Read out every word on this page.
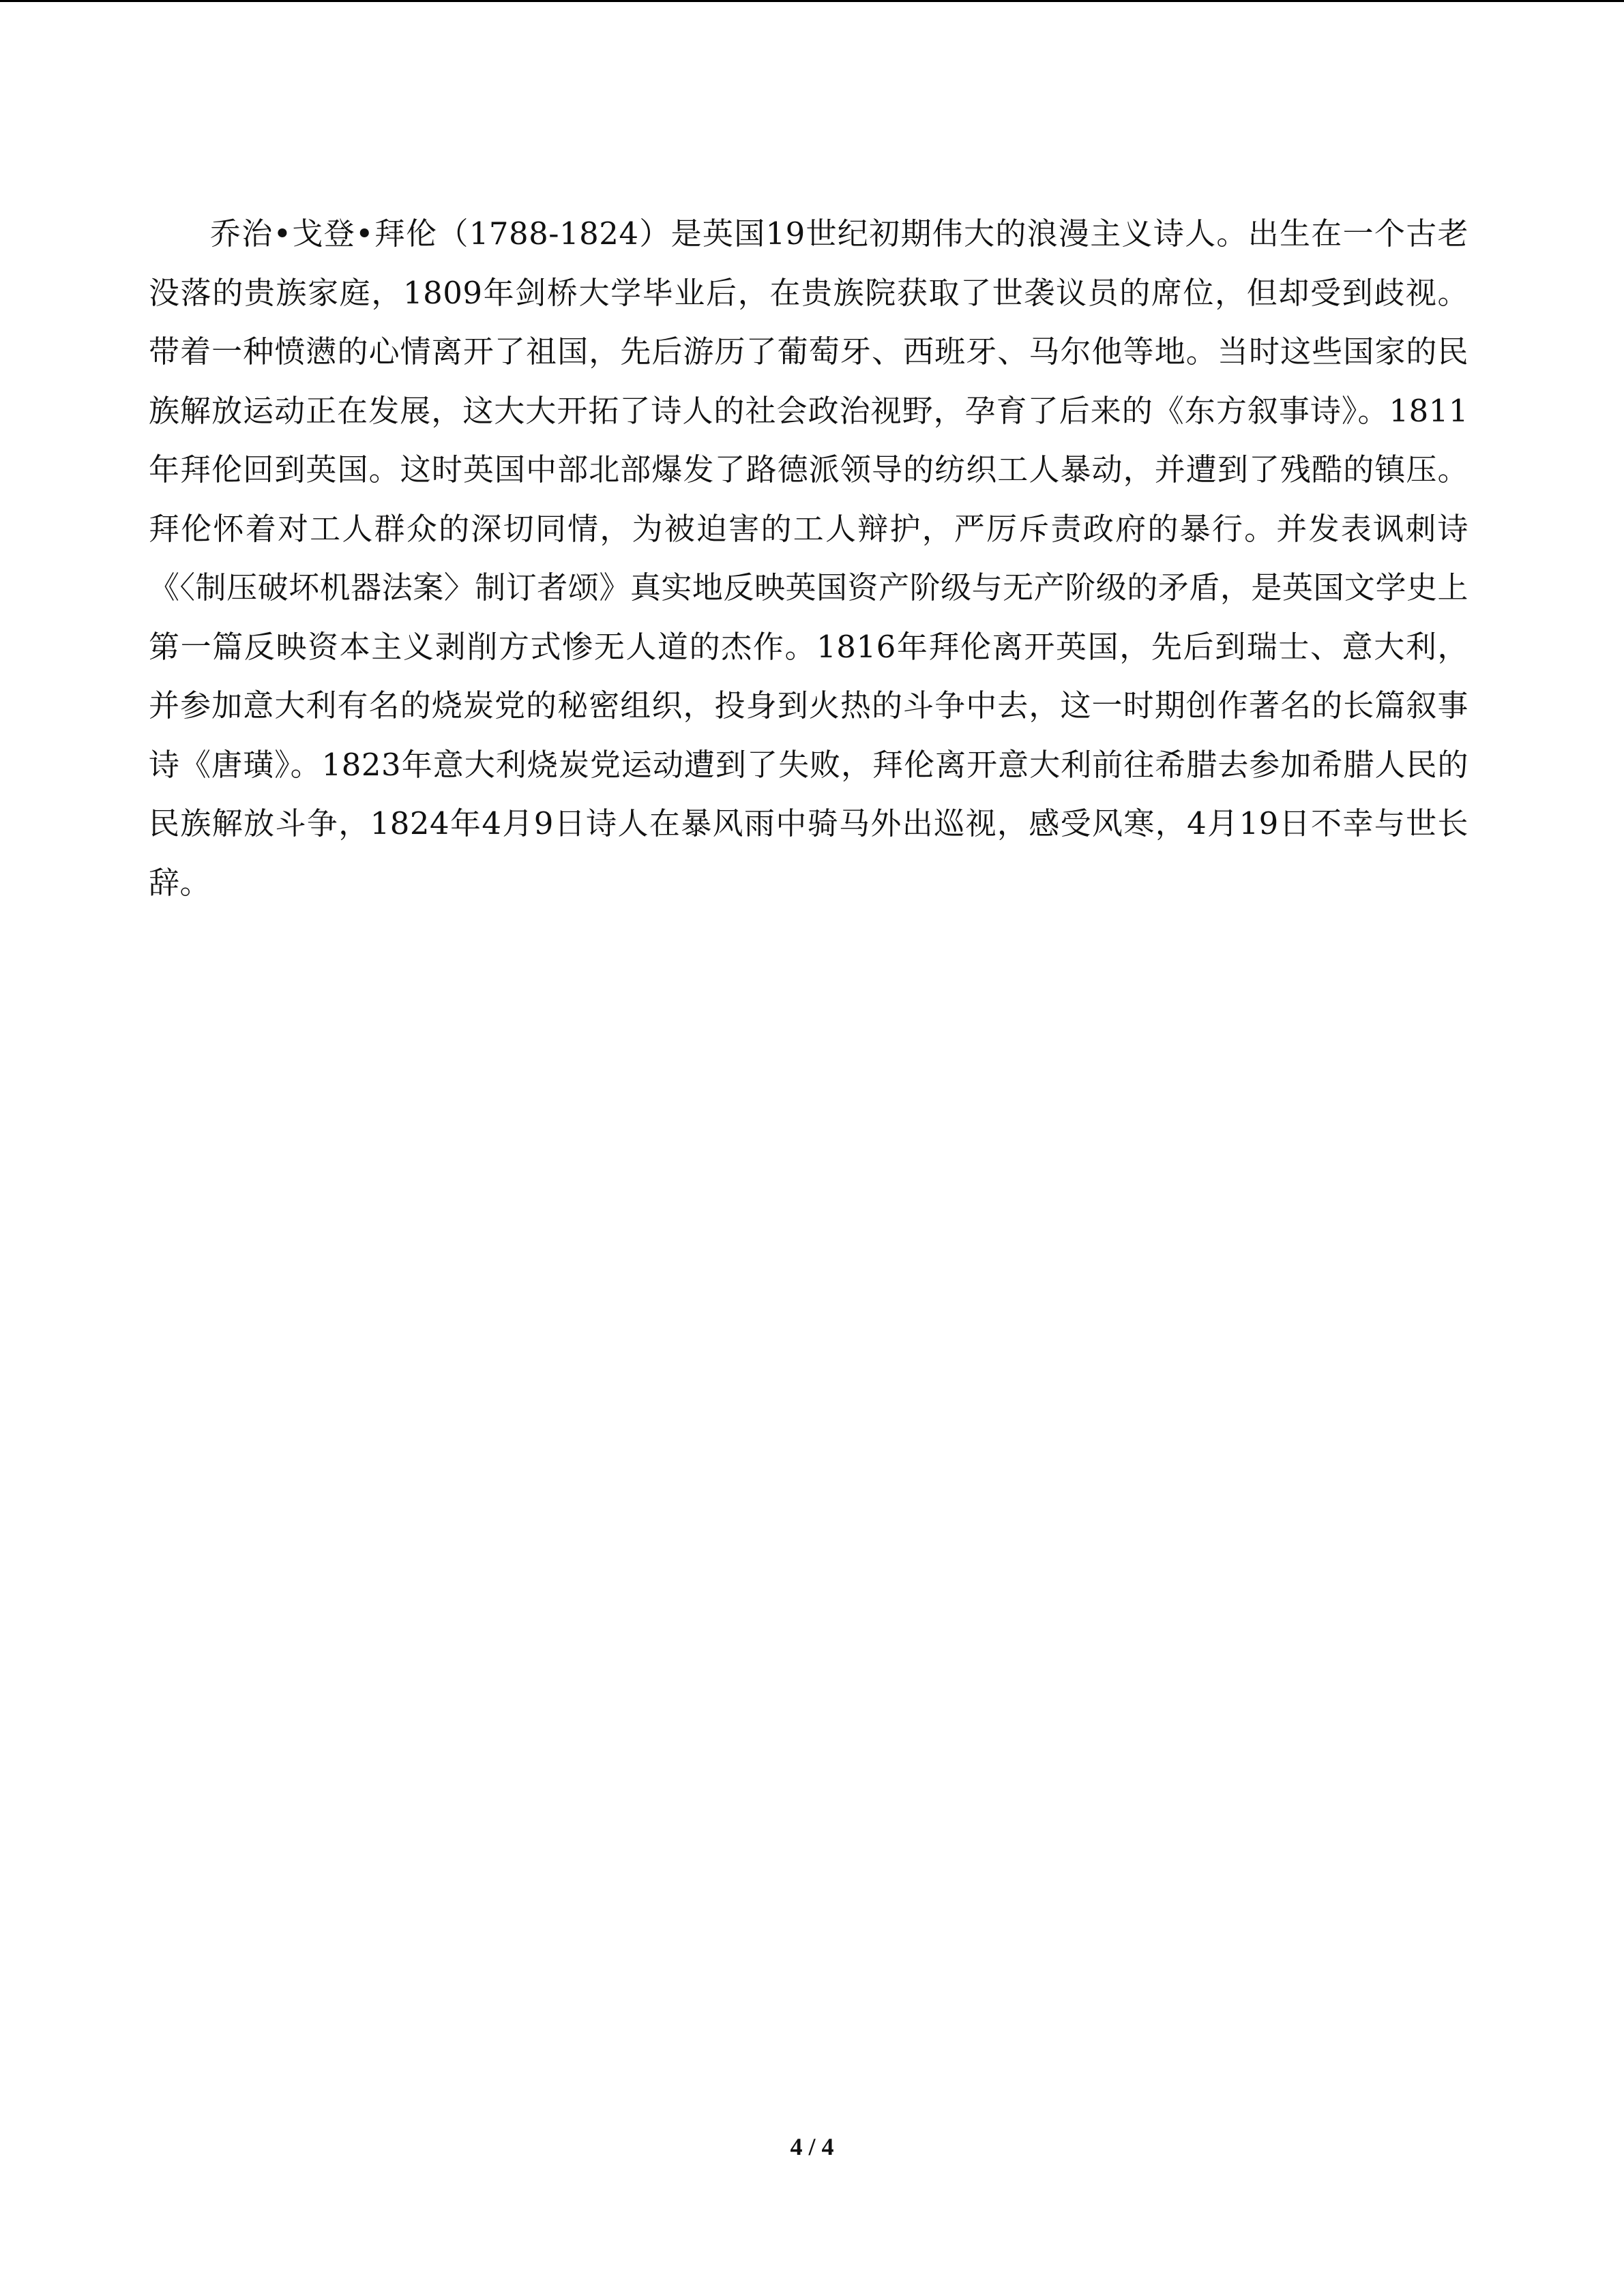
乔治•戈登•拜伦（1788-1824）是英国19世纪初期伟大的浪漫主义诗人。出生在一个古老没落的贵族家庭，1809年剑桥大学毕业后，在贵族院获取了世袭议员的席位，但却受到歧视。带着一种愤懑的心情离开了祖国，先后游历了葡萄牙、西班牙、马尔他等地。当时这些国家的民族解放运动正在发展，这大大开拓了诗人的社会政治视野，孕育了后来的《东方叙事诗》。1811年拜伦回到英国。这时英国中部北部爆发了路德派领导的纺织工人暴动，并遭到了残酷的镇压。拜伦怀着对工人群众的深切同情，为被迫害的工人辩护，严厉斥责政府的暴行。并发表讽刺诗《〈制压破坏机器法案〉制订者颂》真实地反映英国资产阶级与无产阶级的矛盾，是英国文学史上第一篇反映资本主义剥削方式惨无人道的杰作。1816年拜伦离开英国，先后到瑞士、意大利，并参加意大利有名的烧炭党的秘密组织，投身到火热的斗争中去，这一时期创作著名的长篇叙事诗《唐璜》。1823年意大利烧炭党运动遭到了失败，拜伦离开意大利前往希腊去参加希腊人民的民族解放斗争，1824年4月9日诗人在暴风雨中骑马外出巡视，感受风寒，4月19日不幸与世长辞。

4 / 4
